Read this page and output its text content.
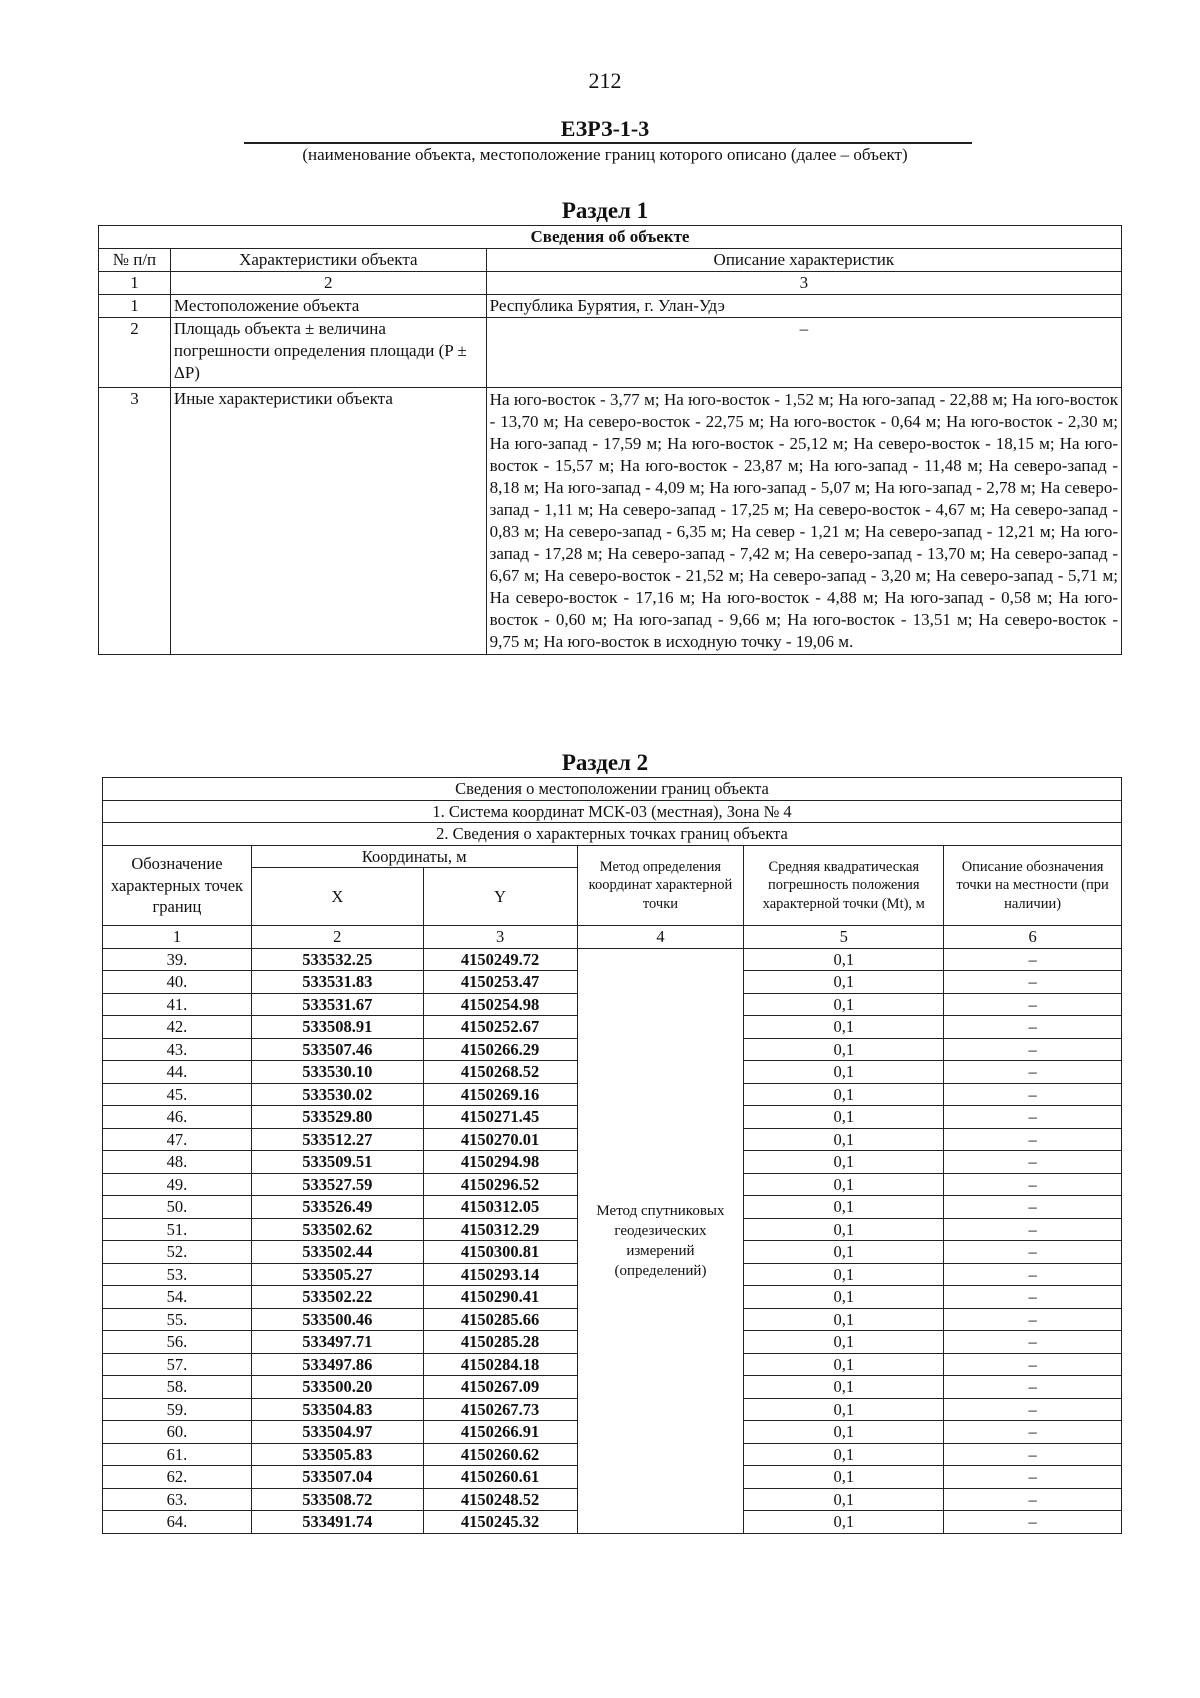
212
ЕЗРЗ-1-3
(наименование объекта, местоположение границ которого описано (далее – объект)
Раздел 1
Сведения об объекте		
№ п/п	Характеристики объекта	Описание характеристик
1	2	3
1	Местоположение объекта	Республика Бурятия, г. Улан-Удэ
2	Площадь объекта ± величина погрешности определения площади (P ± ΔP)	–
3	Иные характеристики объекта	На юго-восток - 3,77 м; На юго-восток - 1,52 м; На юго-запад - 22,88 м; На юго-восток - 13,70 м; На северо-восток - 22,75 м; На юго-восток - 0,64 м; На юго-восток - 2,30 м; На юго-запад - 17,59 м; На юго-восток - 25,12 м; На северо-восток - 18,15 м; На юго-восток - 15,57 м; На юго-восток - 23,87 м; На юго-запад - 11,48 м; На северо-запад - 8,18 м; На юго-запад - 4,09 м; На юго-запад - 5,07 м; На юго-запад - 2,78 м; На северо-запад - 1,11 м; На северо-запад - 17,25 м; На северо-восток - 4,67 м; На северо-запад - 0,83 м; На северо-запад - 6,35 м; На север - 1,21 м; На северо-запад - 12,21 м; На юго-запад - 17,28 м; На северо-запад - 7,42 м; На северо-запад - 13,70 м; На северо-запад - 6,67 м; На северо-восток - 21,52 м; На северо-запад - 3,20 м; На северо-запад - 5,71 м; На северо-восток - 17,16 м; На юго-восток - 4,88 м; На юго-запад - 0,58 м; На юго-восток - 0,60 м; На юго-запад - 9,66 м; На юго-восток - 13,51 м; На северо-восток - 9,75 м; На юго-восток в исходную точку - 19,06 м.
Раздел 2
Сведения о местоположении границ объекта					
1. Система координат МСК-03 (местная), Зона № 4					
2. Сведения о характерных точках границ объекта					
Обозначение характерных точек границ	Координаты, м		Метод определения координат характерной точки	Средняя квадратическая погрешность положения характерной точки (Mt), м	Описание обозначения точки на местности (при наличии)
	X	Y			
1	2	3	4	5	6
39.	533532.25	4150249.72	Метод спутниковых геодезических измерений (определений)	0,1	–
40.	533531.83	4150253.47		0,1	–
41.	533531.67	4150254.98		0,1	–
42.	533508.91	4150252.67		0,1	–
43.	533507.46	4150266.29		0,1	–
44.	533530.10	4150268.52		0,1	–
45.	533530.02	4150269.16		0,1	–
46.	533529.80	4150271.45		0,1	–
47.	533512.27	4150270.01		0,1	–
48.	533509.51	4150294.98		0,1	–
49.	533527.59	4150296.52		0,1	–
50.	533526.49	4150312.05		0,1	–
51.	533502.62	4150312.29		0,1	–
52.	533502.44	4150300.81		0,1	–
53.	533505.27	4150293.14		0,1	–
54.	533502.22	4150290.41		0,1	–
55.	533500.46	4150285.66		0,1	–
56.	533497.71	4150285.28		0,1	–
57.	533497.86	4150284.18		0,1	–
58.	533500.20	4150267.09		0,1	–
59.	533504.83	4150267.73		0,1	–
60.	533504.97	4150266.91		0,1	–
61.	533505.83	4150260.62		0,1	–
62.	533507.04	4150260.61		0,1	–
63.	533508.72	4150248.52		0,1	–
64.	533491.74	4150245.32		0,1	–
